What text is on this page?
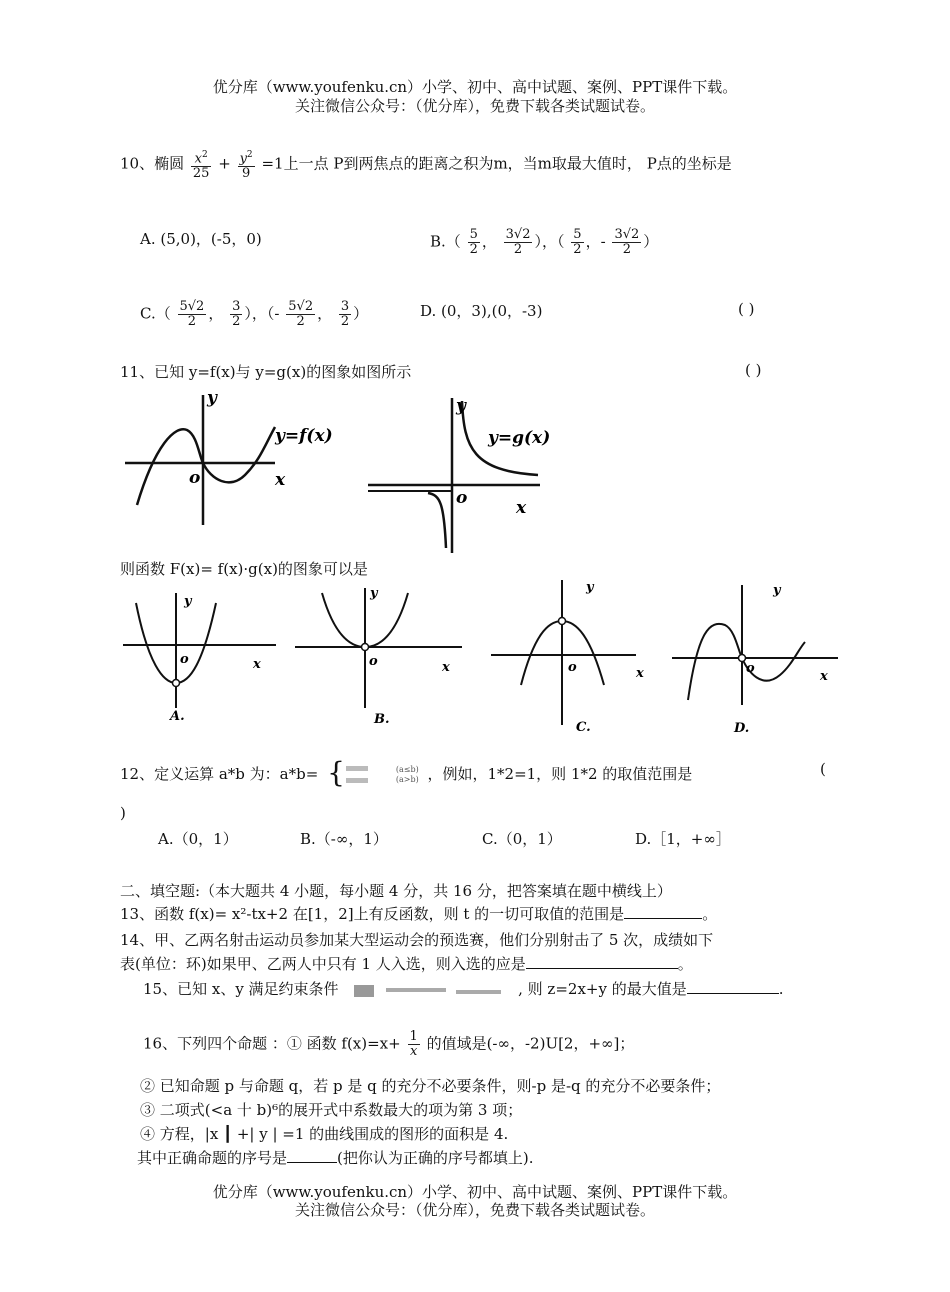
优分库（www.youfenku.cn）小学、初中、高中试题、案例、PPT课件下载。
关注微信公众号：（优分库），免费下载各类试题试卷。
10、椭圆 $\frac{x^2}{25} + \frac{y^2}{9} =1$上一点 P到两焦点的距离之积为m，当m取最大值时， P点的坐标是
A. (5,0)，(-5，0)	$B.( \frac{5}{2}$ ， $\frac{3√2}{2}$ ），（ $\frac{5}{2}$ ，- $\frac{3√2}{2}$ ）
$C.( \frac{5√2}{2}$ ， $\frac{3}{2}$ ），（- $\frac{5√2}{2}$ ， $\frac{3}{2}$ ）	D. (0，3),(0，-3)	( )
11、已知 y=f(x)与 y=g(x)的图象如图所示	( )
y
y=f(x)
x
o
y
y=g(x)
x
o
则函数 F(x)= f(x)·g(x)的图象可以是
y
o	x
A.
y
o	x
B.
y
o	x
C.
y
o
x
D.
12、定义运算 a*b 为：a*b= {
	(a≤b)
(a>b) ，例如，1*2=1，则 1*2 的取值范围是	(
)
A.（0，1）	B.（-∞，1）	C.（0，1）	D.［1，+∞］
二、填空题:（本大题共 4 小题，每小题 4 分，共 16 分，把答案填在题中横线上）
13、函数 f(x)= x²-tx+2 在[1，2]上有反函数，则 t 的一切可取值的范围是	。
14、甲、乙两名射击运动员参加某大型运动会的预选赛，他们分别射击了 5 次，成绩如下
表(单位：环)如果甲、乙两人中只有 1 人入选，则入选的应是	。
15、已知 x、y 满足约束条件	, 则 z=2x+y 的最大值是	.
16、下列四个命题 ：① 函数 $f(x)=x+ \frac{1}{x}$ 的值域是(-∞，-2)U[2，+∞]；
② 已知命题 p 与命题 q，若 p 是 q 的充分不必要条件，则-p 是-q 的充分不必要条件；
③ 二项式(<a 十 b)⁶的展开式中系数最大的项为第 3 项；
④ 方程，|x ┃ +| y | =1 的曲线围成的图形的面积是 4.
其中正确命题的序号是	(把你认为正确的序号都填上).
优分库（www.youfenku.cn）小学、初中、高中试题、案例、PPT课件下载。
关注微信公众号：（优分库），免费下载各类试题试卷。
